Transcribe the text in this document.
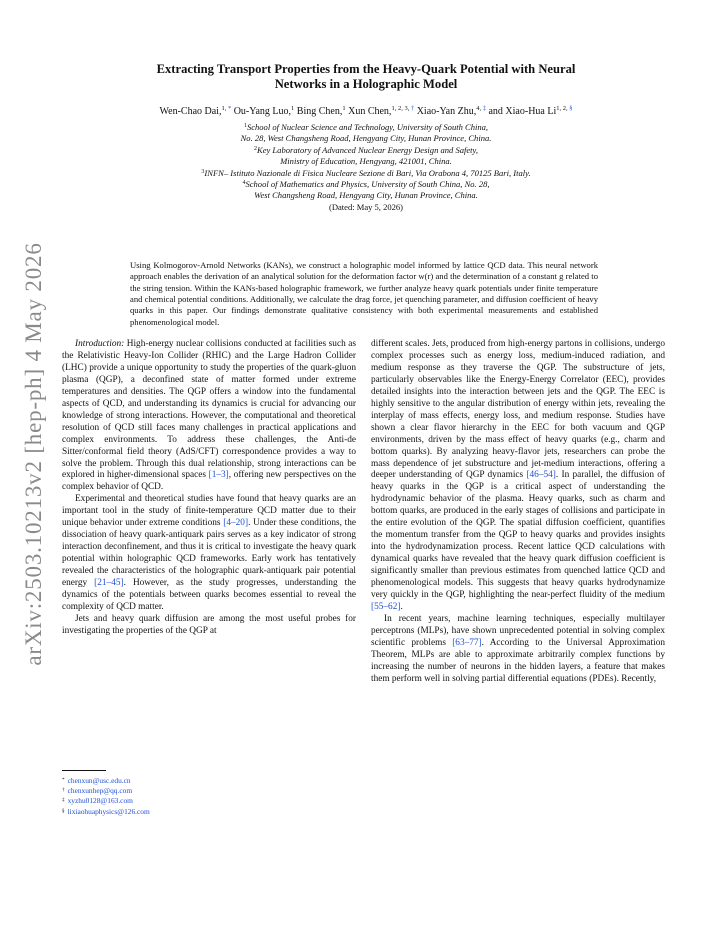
arXiv:2503.10213v2 [hep-ph] 4 May 2026
Extracting Transport Properties from the Heavy-Quark Potential with Neural
Networks in a Holographic Model
Wen-Chao Dai,$^{1, *}$ Ou-Yang Luo,$^1$ Bing Chen,$^1$ Xun Chen,$^{1, 2, 3, \dagger}$ Xiao-Yan Zhu,$^{4, \ddagger}$ and Xiao-Hua $Li^{1, 2, \S}$
$^1$School of Nuclear Science and Technology, University of South China,
No. 28, West Changsheng Road, Hengyang City, Hunan Province, China.
$^2$Key Laboratory of Advanced Nuclear Energy Design and Safety,
Ministry of Education, Hengyang, 421001, China.
$^3$INFN– Istituto Nazionale di Fisica Nucleare Sezione di Bari, Via Orabona 4, 70125 Bari, Italy.
$^4$School of Mathematics and Physics, University of South China, No. 28,
West Changsheng Road, Hengyang City, Hunan Province, China.
(Dated: May 5, 2026)
Using Kolmogorov-Arnold Networks (KANs), we construct a holographic model informed by lattice QCD data. This neural network approach enables the derivation of an analytical solution for the deformation factor w(r) and the determination of a constant g related to the string tension. Within the KANs-based holographic framework, we further analyze heavy quark potentials under finite temperature and chemical potential conditions. Additionally, we calculate the drag force, jet quenching parameter, and diffusion coefficient of heavy quarks in this paper. Our findings demonstrate qualitative consistency with both experimental measurements and established phenomenological model.

Introduction: High-energy nuclear collisions conducted at facilities such as the Relativistic Heavy-Ion Collider (RHIC) and the Large Hadron Collider (LHC) provide a unique opportunity to study the properties of the quark-gluon plasma (QGP), a deconfined state of matter formed under extreme temperatures and densities. The QGP offers a window into the fundamental aspects of QCD, and understanding its dynamics is crucial for advancing our knowledge of strong interactions. However, the computational and theoretical resolution of QCD still faces many challenges in practical applications and complex environments. To address these challenges, the Anti-de Sitter/conformal field theory (AdS/CFT) correspondence provides a way to solve the problem. Through this dual relationship, strong interactions can be explored in higher-dimensional spaces [1–3], offering new perspectives on the complex behavior of QCD.

Experimental and theoretical studies have found that heavy quarks are an important tool in the study of finite-temperature QCD matter due to their unique behavior under extreme conditions [4–20]. Under these conditions, the dissociation of heavy quark-antiquark pairs serves as a key indicator of strong interaction deconfinement, and thus it is critical to investigate the heavy quark potential within holographic QCD frameworks. Early work has tentatively revealed the characteristics of the holographic quark-antiquark pair potential energy [21–45]. However, as the study progresses, understanding the dynamics of the potentials between quarks becomes essential to reveal the complexity of QCD matter.

Jets and heavy quark diffusion are among the most useful probes for investigating the properties of the QGP at

different scales. Jets, produced from high-energy partons in collisions, undergo complex processes such as energy loss, medium-induced radiation, and medium response as they traverse the QGP. The substructure of jets, particularly observables like the Energy-Energy Correlator (EEC), provides detailed insights into the interaction between jets and the QGP. The EEC is highly sensitive to the angular distribution of energy within jets, revealing the interplay of mass effects, energy loss, and medium response. Studies have shown a clear flavor hierarchy in the EEC for both vacuum and QGP environments, driven by the mass effect of heavy quarks (e.g., charm and bottom quarks). By analyzing heavy-flavor jets, researchers can probe the mass dependence of jet substructure and jet-medium interactions, offering a deeper understanding of QGP dynamics [46–54]. In parallel, the diffusion of heavy quarks in the QGP is a critical aspect of understanding the hydrodynamic behavior of the plasma. Heavy quarks, such as charm and bottom quarks, are produced in the early stages of collisions and participate in the entire evolution of the QGP. The spatial diffusion coefficient, quantifies the momentum transfer from the QGP to heavy quarks and provides insights into the hydrodynamization process. Recent lattice QCD calculations with dynamical quarks have revealed that the heavy quark diffusion coefficient is significantly smaller than previous estimates from quenched lattice QCD and phenomenological models. This suggests that heavy quarks hydrodynamize very quickly in the QGP, highlighting the near-perfect fluidity of the medium [55–62].

In recent years, machine learning techniques, especially multilayer perceptrons (MLPs), have shown unprecedented potential in solving complex scientific problems [63–77]. According to the Universal Approximation Theorem, MLPs are able to approximate arbitrarily complex functions by increasing the number of neurons in the hidden layers, a feature that makes them perform well in solving partial differential equations (PDEs). Recently,

* chenxun@usc.edu.cn
† chenxunhep@qq.com
‡ xyzhu0128@163.com
§ lixiaohuaphysics@126.com
